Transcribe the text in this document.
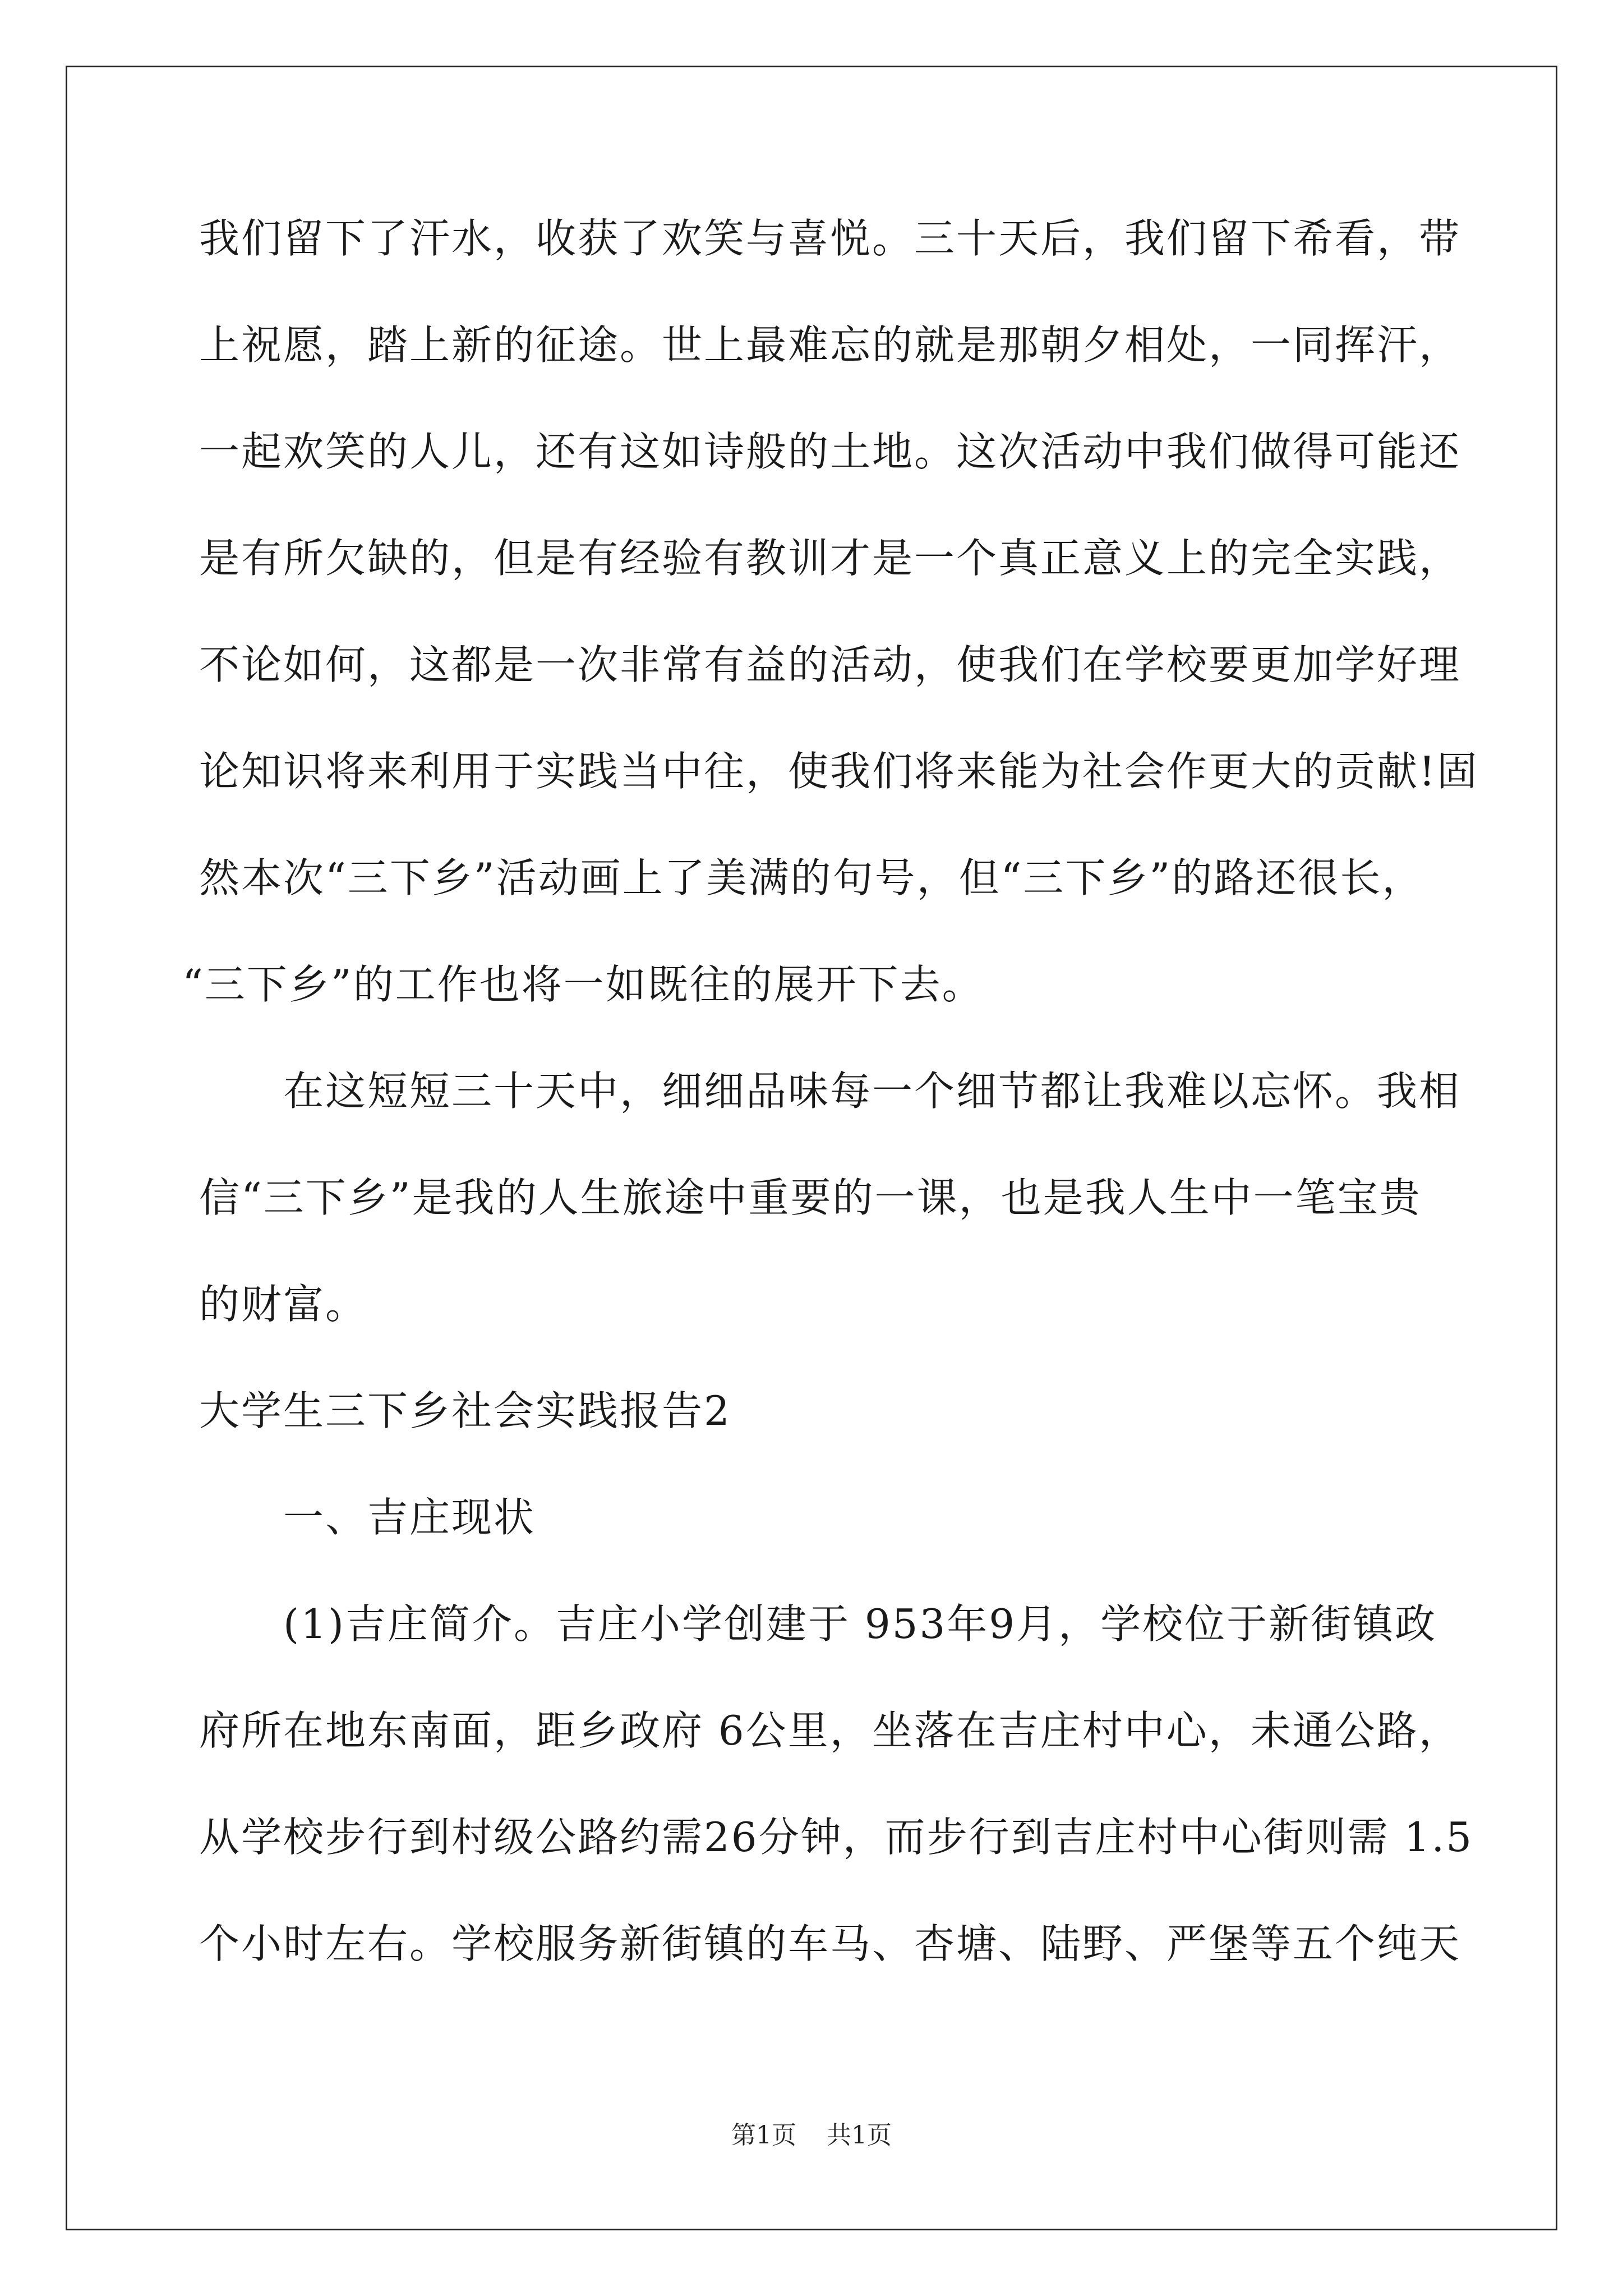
我们留下了汗水，收获了欢笑与喜悦。三十天后，我们留下希看，带
上祝愿，踏上新的征途。世上最难忘的就是那朝夕相处，一同挥汗，
一起欢笑的人儿，还有这如诗般的土地。这次活动中我们做得可能还
是有所欠缺的，但是有经验有教训才是一个真正意义上的完全实践，
不论如何，这都是一次非常有益的活动，使我们在学校要更加学好理
论知识将来利用于实践当中往，使我们将来能为社会作更大的贡献!固
然本次“三下乡”活动画上了美满的句号，但“三下乡”的路还很长，
“三下乡”的工作也将一如既往的展开下去。
在这短短三十天中，细细品味每一个细节都让我难以忘怀。我相
信“三下乡”是我的人生旅途中重要的一课，也是我人生中一笔宝贵
的财富。
大学生三下乡社会实践报告2
一、吉庄现状
(1)吉庄简介。吉庄小学创建于 953年9月，学校位于新街镇政
府所在地东南面，距乡政府 6公里，坐落在吉庄村中心，未通公路，
从学校步行到村级公路约需26分钟，而步行到吉庄村中心街则需 1.5
个小时左右。学校服务新街镇的车马、杏塘、陆野、严堡等五个纯天
第1页 共1页
